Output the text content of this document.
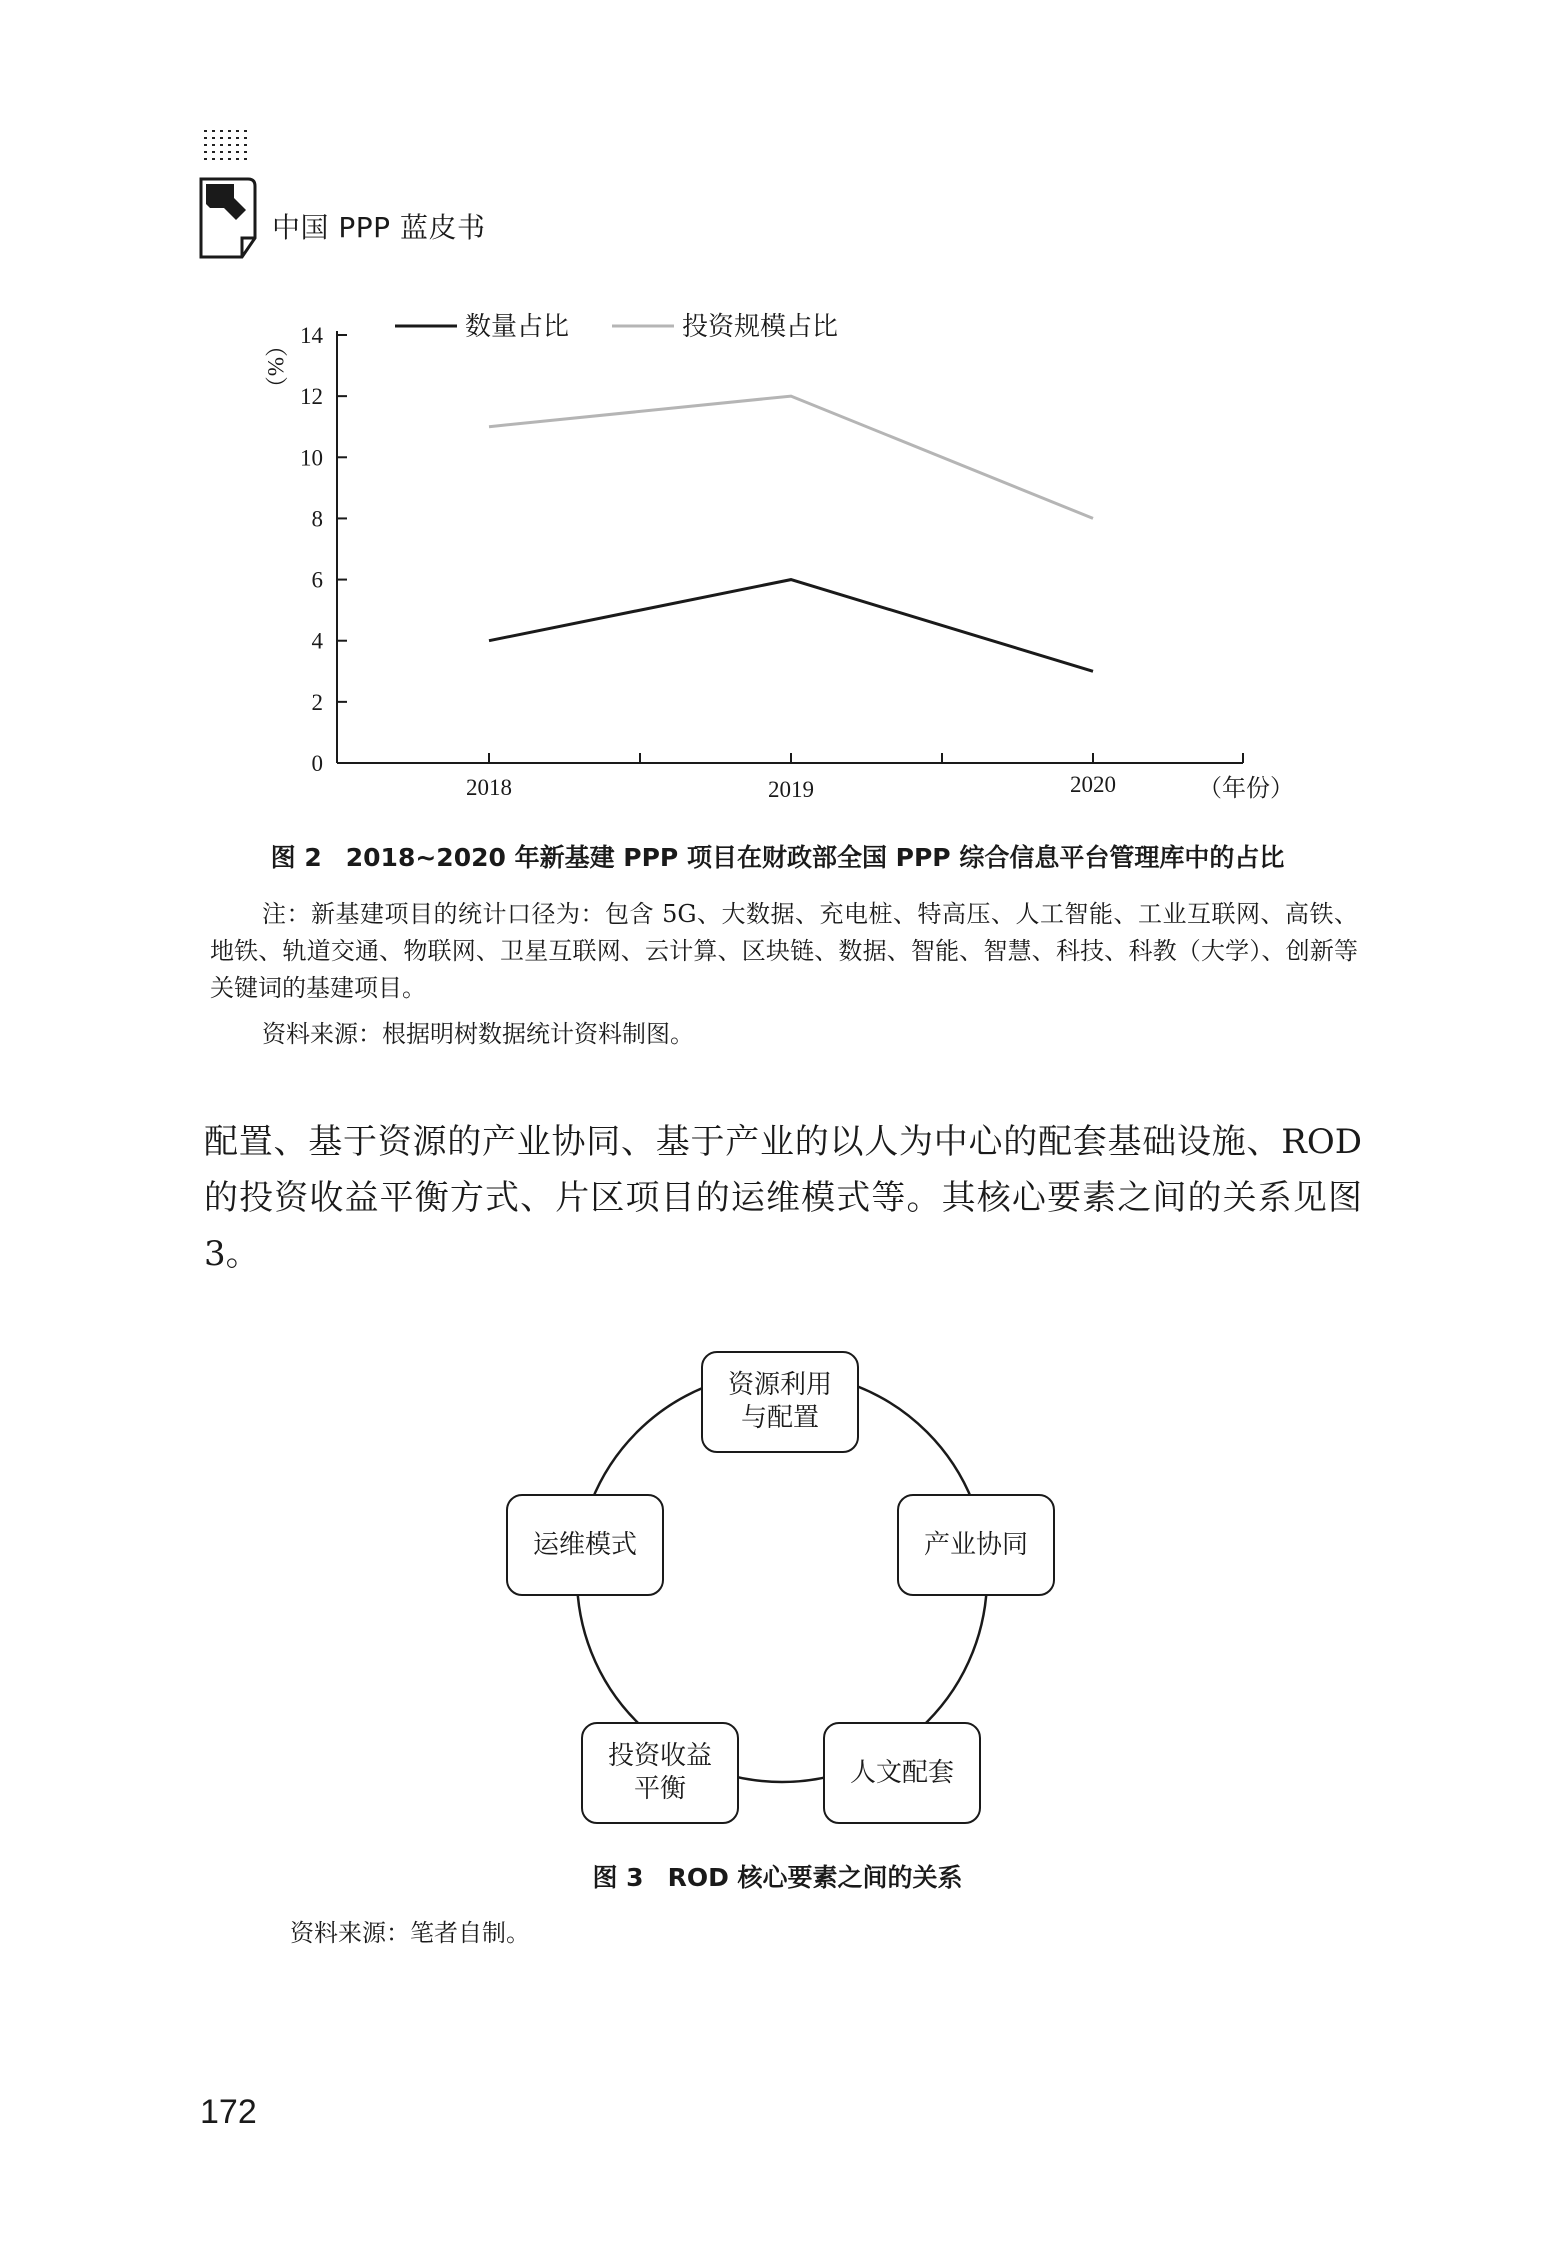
中国 PPP 蓝皮书
0
2
4
6
8
10
12
14
2018	2019	2020
数量占比	投资规模占比
（%）
（年份）
图 2 2018~2020 年新基建 PPP 项目在财政部全国 PPP 综合信息平台管理库中的占比

注：新基建项目的统计口径为：包含 5G、大数据、充电桩、特高压、人工智能、工业互联网、高铁、地铁、轨道交通、物联网、卫星互联网、云计算、区块链、数据、智能、智慧、科技、科教（大学）、创新等关键词的基建项目。

资料来源：根据明树数据统计资料制图。
配置、基于资源的产业协同、基于产业的以人为中心的配套基础设施、ROD 的投资收益平衡方式、片区项目的运维模式等。其核心要素之间的关系见图 3。
资源利用
与配置
产业协同
人文配套
投资收益
平衡
运维模式
图 3 ROD 核心要素之间的关系
资料来源：笔者自制。
172
